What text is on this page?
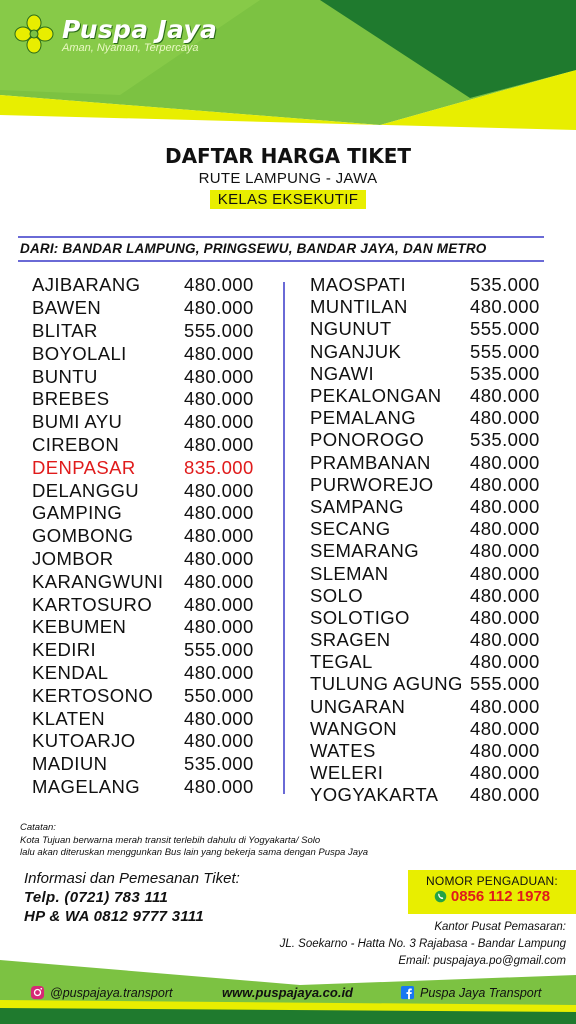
Puspa Jaya
Aman, Nyaman, Terpercaya
DAFTAR HARGA TIKET
RUTE LAMPUNG - JAWA
KELAS EKSEKUTIF
DARI: BANDAR LAMPUNG, PRINGSEWU, BANDAR JAYA, DAN METRO
AJIBARANG	480.000
BAWEN	480.000
BLITAR	555.000
BOYOLALI	480.000
BUNTU	480.000
BREBES	480.000
BUMI AYU	480.000
CIREBON	480.000
DENPASAR	835.000
DELANGGU	480.000
GAMPING	480.000
GOMBONG	480.000
JOMBOR	480.000
KARANGWUNI	480.000
KARTOSURO	480.000
KEBUMEN	480.000
KEDIRI	555.000
KENDAL	480.000
KERTOSONO	550.000
KLATEN	480.000
KUTOARJO	480.000
MADIUN	535.000
MAGELANG	480.000
MAOSPATI	535.000
MUNTILAN	480.000
NGUNUT	555.000
NGANJUK	555.000
NGAWI	535.000
PEKALONGAN	480.000
PEMALANG	480.000
PONOROGO	535.000
PRAMBANAN	480.000
PURWOREJO	480.000
SAMPANG	480.000
SECANG	480.000
SEMARANG	480.000
SLEMAN	480.000
SOLO	480.000
SOLOTIGO	480.000
SRAGEN	480.000
TEGAL	480.000
TULUNG AGUNG 555.000
UNGARAN	480.000
WANGON	480.000
WATES	480.000
WELERI	480.000
YOGYAKARTA	480.000
Catatan:
Kota Tujuan berwarna merah transit terlebih dahulu di Yogyakarta/ Solo
lalu akan diteruskan menggunkan Bus lain yang bekerja sama dengan Puspa Jaya
Informasi dan Pemesanan Tiket:
Telp. (0721) 783 111
HP & WA 0812 9777 3111
NOMOR PENGADUAN:
0856 112 1978
Kantor Pusat Pemasaran:
JL. Soekarno - Hatta No. 3 Rajabasa - Bandar Lampung
Email: puspajaya.po@gmail.com
@puspajaya.transport	www.puspajaya.co.id	Puspa Jaya Transport
